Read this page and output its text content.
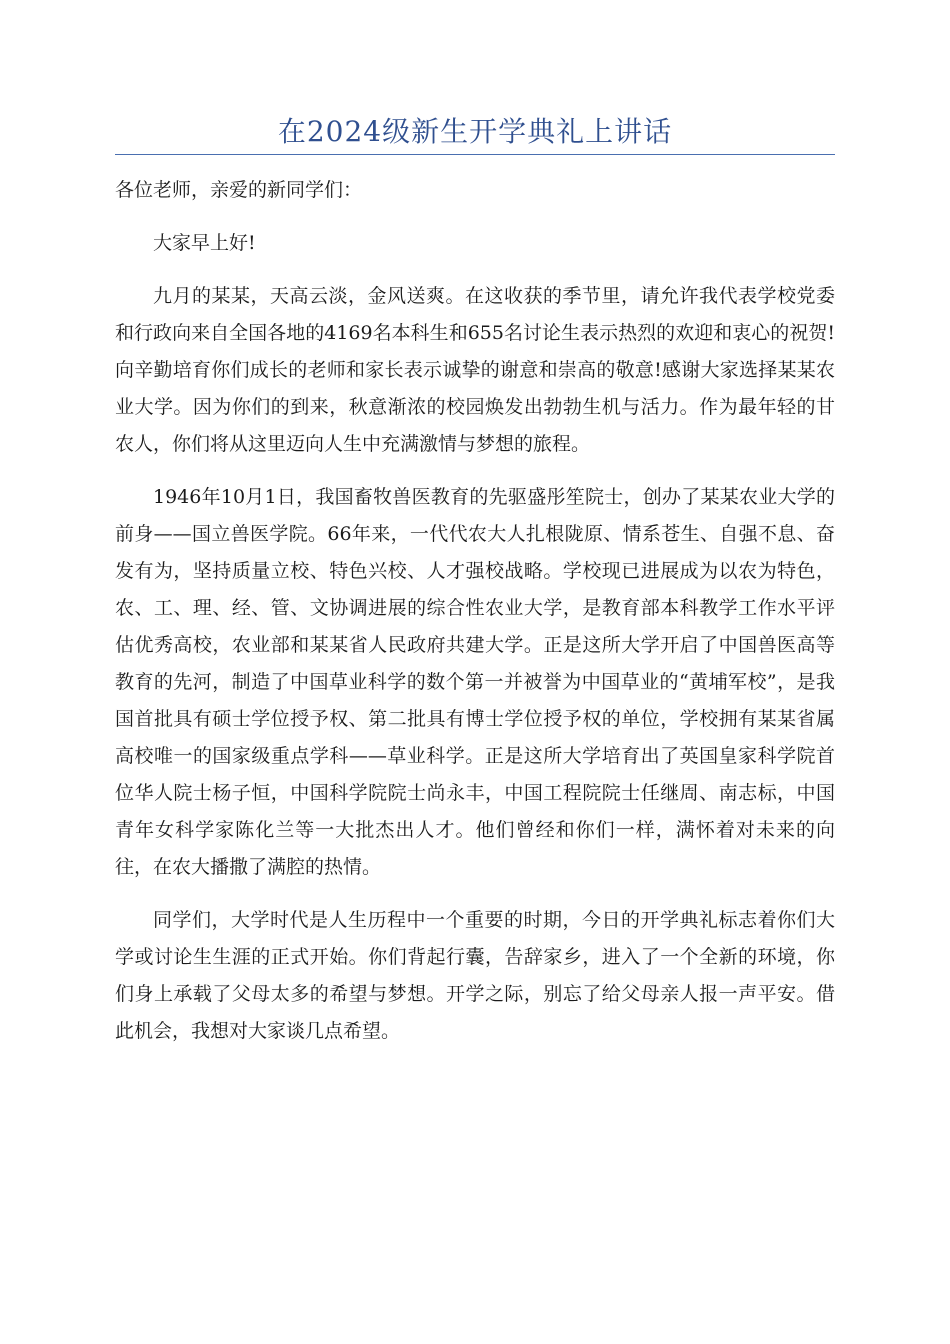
在2024级新生开学典礼上讲话

各位老师，亲爱的新同学们：

大家早上好!

九月的某某，天高云淡，金风送爽。在这收获的季节里，请允许我代表学校党委和行政向来自全国各地的4169名本科生和655名讨论生表示热烈的欢迎和衷心的祝贺!向辛勤培育你们成长的老师和家长表示诚挚的谢意和崇高的敬意!感谢大家选择某某农业大学。因为你们的到来，秋意渐浓的校园焕发出勃勃生机与活力。作为最年轻的甘农人，你们将从这里迈向人生中充满激情与梦想的旅程。

1946年10月1日，我国畜牧兽医教育的先驱盛彤笙院士，创办了某某农业大学的前身——国立兽医学院。66年来，一代代农大人扎根陇原、情系苍生、自强不息、奋发有为，坚持质量立校、特色兴校、人才强校战略。学校现已进展成为以农为特色，农、工、理、经、管、文协调进展的综合性农业大学，是教育部本科教学工作水平评估优秀高校，农业部和某某省人民政府共建大学。正是这所大学开启了中国兽医高等教育的先河，制造了中国草业科学的数个第一并被誉为中国草业的“黄埔军校”，是我国首批具有硕士学位授予权、第二批具有博士学位授予权的单位，学校拥有某某省属高校唯一的国家级重点学科——草业科学。正是这所大学培育出了英国皇家科学院首位华人院士杨子恒，中国科学院院士尚永丰，中国工程院院士任继周、南志标，中国青年女科学家陈化兰等一大批杰出人才。他们曾经和你们一样，满怀着对未来的向往，在农大播撒了满腔的热情。

同学们，大学时代是人生历程中一个重要的时期，今日的开学典礼标志着你们大学或讨论生生涯的正式开始。你们背起行囊，告辞家乡，进入了一个全新的环境，你们身上承载了父母太多的希望与梦想。开学之际，别忘了给父母亲人报一声平安。借此机会，我想对大家谈几点希望。
